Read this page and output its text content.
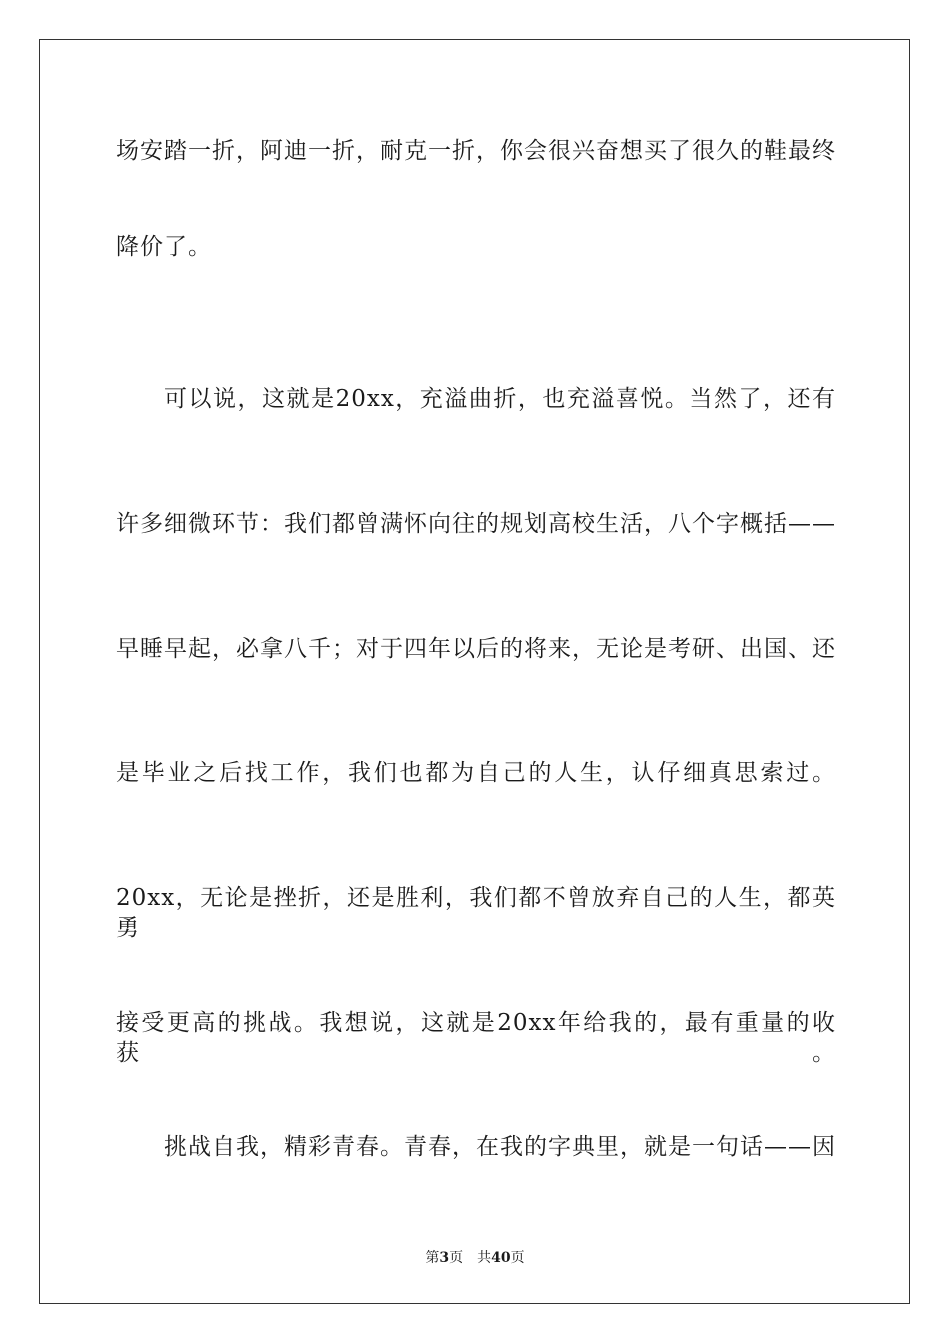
场安踏一折，阿迪一折，耐克一折，你会很兴奋想买了很久的鞋最终
降价了。
可以说，这就是20xx，充溢曲折，也充溢喜悦。当然了，还有
许多细微环节：我们都曾满怀向往的规划高校生活，八个字概括——
早睡早起，必拿八千；对于四年以后的将来，无论是考研、出国、还
是毕业之后找工作，我们也都为自己的人生，认仔细真思索过。
20xx，无论是挫折，还是胜利，我们都不曾放弃自己的人生，都英勇
接受更高的挑战。我想说，这就是20xx年给我的，最有重量的收获。
挑战自我，精彩青春。青春，在我的字典里，就是一句话——因
第3页 共40页
